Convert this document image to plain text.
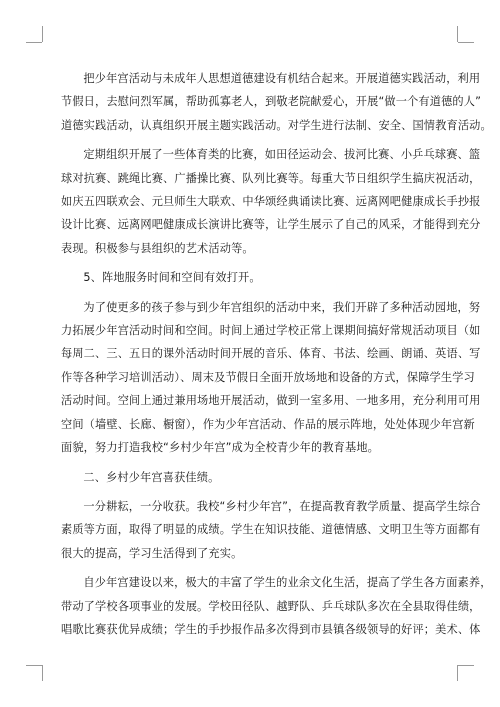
把少年宫活动与未成年人思想道德建设有机结合起来。开展道德实践活动，利用
节假日，去慰问烈军属，帮助孤寡老人，到敬老院献爱心，开展“做一个有道德的人”
道德实践活动，认真组织开展主题实践活动。对学生进行法制、安全、国情教育活动。

定期组织开展了一些体育类的比赛，如田径运动会、拔河比赛、小乒乓球赛、篮
球对抗赛、跳绳比赛、广播操比赛、队列比赛等。每重大节日组织学生搞庆祝活动，
如庆五四联欢会、元旦师生大联欢、中华颂经典诵读比赛、远离网吧健康成长手抄报
设计比赛、远离网吧健康成长演讲比赛等，让学生展示了自己的风采，才能得到充分
表现。积极参与县组织的艺术活动等。

5、阵地服务时间和空间有效打开。

为了使更多的孩子参与到少年宫组织的活动中来，我们开辟了多种活动园地，努
力拓展少年宫活动时间和空间。时间上通过学校正常上课期间搞好常规活动项目（如
每周二、三、五日的课外活动时间开展的音乐、体育、书法、绘画、朗诵、英语、写
作等各种学习培训活动）、周末及节假日全面开放场地和设备的方式，保障学生学习
活动时间。空间上通过兼用场地开展活动，做到一室多用、一地多用，充分利用可用
空间（墙壁、长廊、橱窗），作为少年宫活动、作品的展示阵地，处处体现少年宫新
面貌，努力打造我校“乡村少年宫”成为全校青少年的教育基地。

二、乡村少年宫喜获佳绩。

一分耕耘，一分收获。我校“乡村少年宫”，在提高教育教学质量、提高学生综合
素质等方面，取得了明显的成绩。学生在知识技能、道德情感、文明卫生等方面都有
很大的提高，学习生活得到了充实。

自少年宫建设以来，极大的丰富了学生的业余文化生活，提高了学生各方面素养，
带动了学校各项事业的发展。学校田径队、越野队、乒乓球队多次在全县取得佳绩，
唱歌比赛获优异成绩；学生的手抄报作品多次得到市县镇各级领导的好评；美术、体
